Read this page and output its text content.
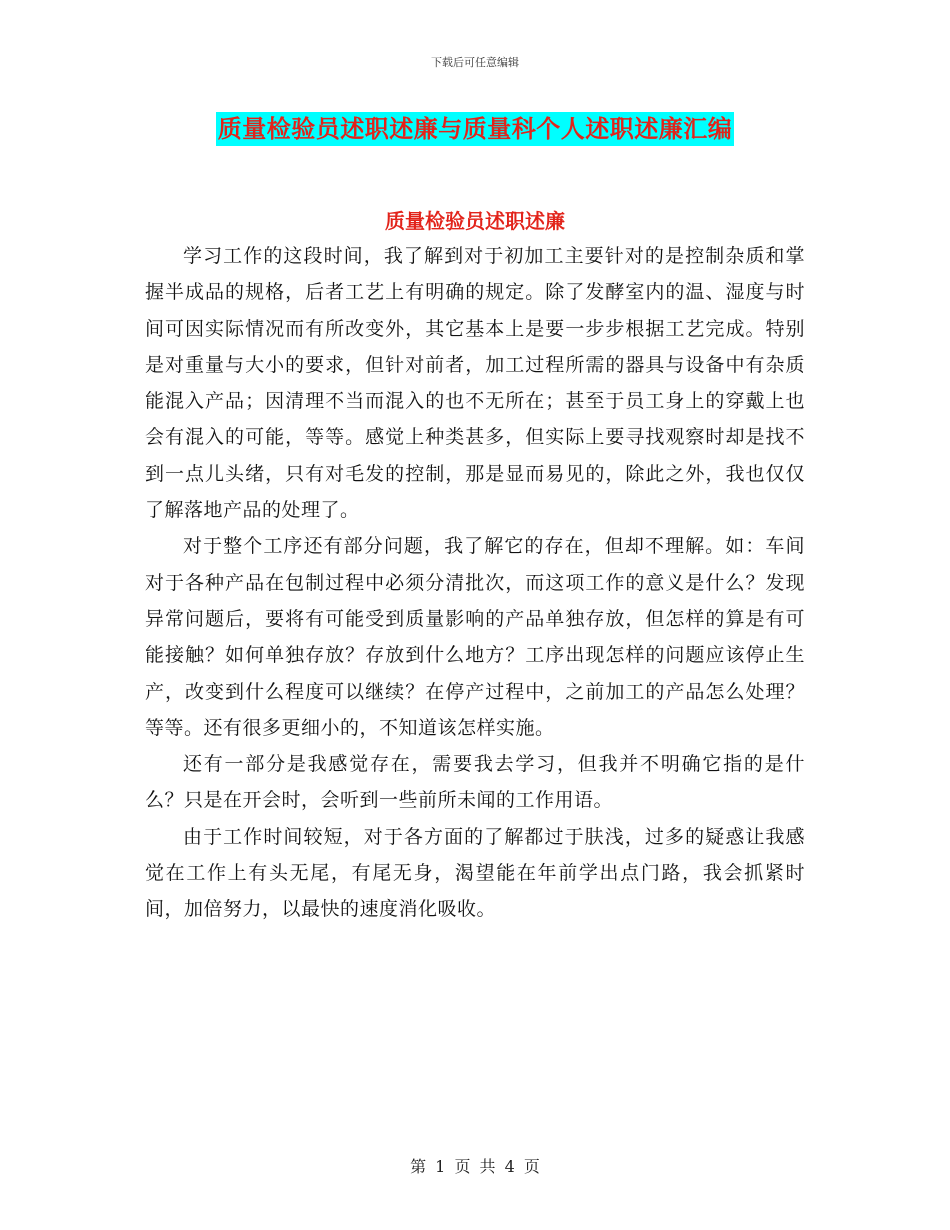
下载后可任意编辑
质量检验员述职述廉与质量科个人述职述廉汇编
质量检验员述职述廉

学习工作的这段时间，我了解到对于初加工主要针对的是控制杂质和掌握半成品的规格，后者工艺上有明确的规定。除了发酵室内的温、湿度与时间可因实际情况而有所改变外，其它基本上是要一步步根据工艺完成。特别是对重量与大小的要求，但针对前者，加工过程所需的器具与设备中有杂质能混入产品；因清理不当而混入的也不无所在；甚至于员工身上的穿戴上也会有混入的可能，等等。感觉上种类甚多，但实际上要寻找观察时却是找不到一点儿头绪，只有对毛发的控制，那是显而易见的，除此之外，我也仅仅了解落地产品的处理了。

对于整个工序还有部分问题，我了解它的存在，但却不理解。如：车间对于各种产品在包制过程中必须分清批次，而这项工作的意义是什么？发现异常问题后，要将有可能受到质量影响的产品单独存放，但怎样的算是有可能接触？如何单独存放？存放到什么地方？工序出现怎样的问题应该停止生产，改变到什么程度可以继续？在停产过程中，之前加工的产品怎么处理？等等。还有很多更细小的，不知道该怎样实施。

还有一部分是我感觉存在，需要我去学习，但我并不明确它指的是什么？只是在开会时，会听到一些前所未闻的工作用语。

由于工作时间较短，对于各方面的了解都过于肤浅，过多的疑惑让我感觉在工作上有头无尾，有尾无身，渴望能在年前学出点门路，我会抓紧时间，加倍努力，以最快的速度消化吸收。

第 1 页 共 4 页
